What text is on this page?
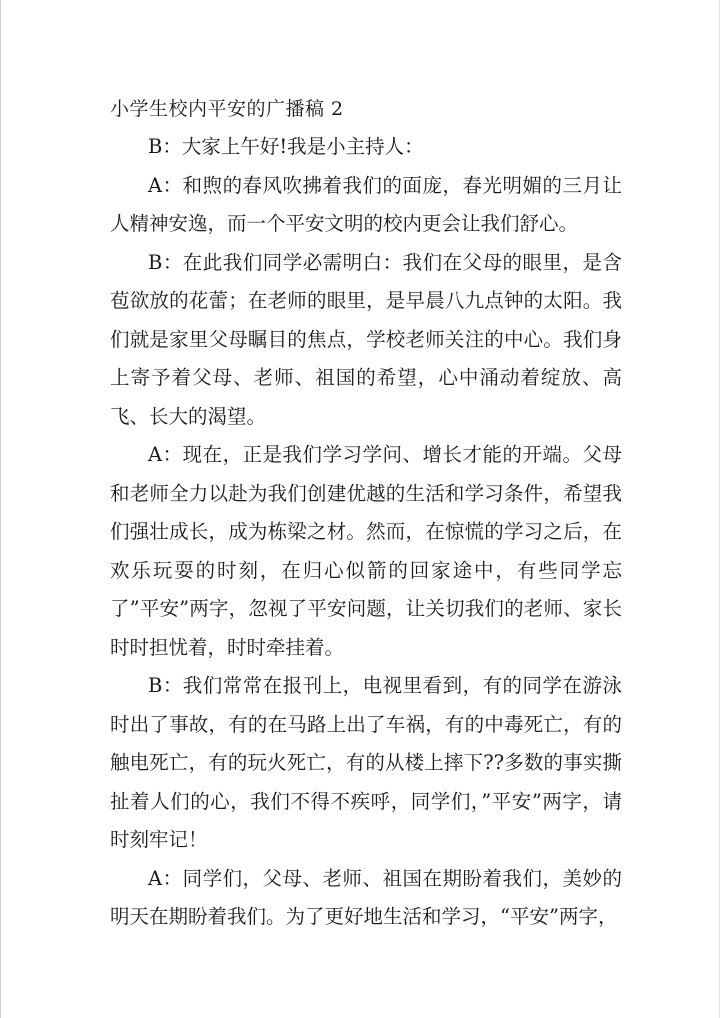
小学生校内平安的广播稿 2

B：大家上午好!我是小主持人：

A：和煦的春风吹拂着我们的面庞，春光明媚的三月让人精神安逸，而一个平安文明的校内更会让我们舒心。

B：在此我们同学必需明白：我们在父母的眼里，是含苞欲放的花蕾；在老师的眼里，是早晨八九点钟的太阳。我们就是家里父母瞩目的焦点，学校老师关注的中心。我们身上寄予着父母、老师、祖国的希望，心中涌动着绽放、高飞、长大的渴望。

A：现在，正是我们学习学问、增长才能的开端。父母和老师全力以赴为我们创建优越的生活和学习条件，希望我们强壮成长，成为栋梁之材。然而，在惊慌的学习之后，在欢乐玩耍的时刻，在归心似箭的回家途中，有些同学忘了”平安”两字，忽视了平安问题，让关切我们的老师、家长时时担忧着，时时牵挂着。

B：我们常常在报刊上，电视里看到，有的同学在游泳时出了事故，有的在马路上出了车祸，有的中毒死亡，有的触电死亡，有的玩火死亡，有的从楼上摔下??多数的事实撕扯着人们的心，我们不得不疾呼，同学们，”平安”两字，请时刻牢记！

A：同学们，父母、老师、祖国在期盼着我们，美妙的明天在期盼着我们。为了更好地生活和学习，“平安”两字，
